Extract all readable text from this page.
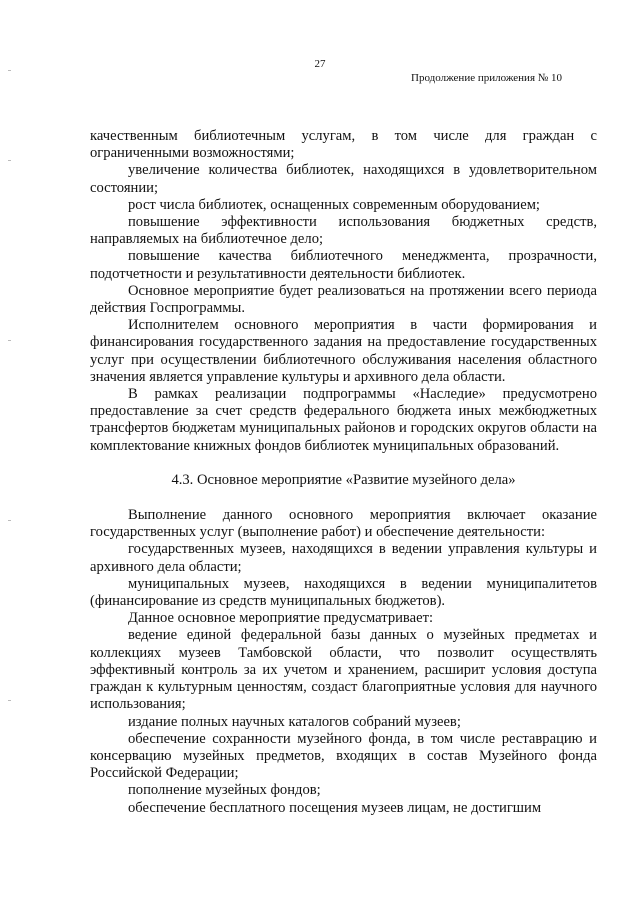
27
Продолжение приложения № 10

качественным библиотечным услугам, в том числе для граждан с ограниченными возможностями;

увеличение количества библиотек, находящихся в удовлетворительном состоянии;

рост числа библиотек, оснащенных современным оборудованием;

повышение эффективности использования бюджетных средств, направляемых на библиотечное дело;

повышение качества библиотечного менеджмента, прозрачности, подотчетности и результативности деятельности библиотек.

Основное мероприятие будет реализоваться на протяжении всего периода действия Госпрограммы.

Исполнителем основного мероприятия в части формирования и финансирования государственного задания на предоставление государственных услуг при осуществлении библиотечного обслуживания населения областного значения является управление культуры и архивного дела области.

В рамках реализации подпрограммы «Наследие» предусмотрено предоставление за счет средств федерального бюджета иных межбюджетных трансфертов бюджетам муниципальных районов и городских округов области на комплектование книжных фондов библиотек муниципальных образований.

4.3. Основное мероприятие «Развитие музейного дела»

Выполнение данного основного мероприятия включает оказание государственных услуг (выполнение работ) и обеспечение деятельности:

государственных музеев, находящихся в ведении управления культуры и архивного дела области;

муниципальных музеев, находящихся в ведении муниципалитетов (финансирование из средств муниципальных бюджетов).

Данное основное мероприятие предусматривает:

ведение единой федеральной базы данных о музейных предметах и коллекциях музеев Тамбовской области, что позволит осуществлять эффективный контроль за их учетом и хранением, расширит условия доступа граждан к культурным ценностям, создаст благоприятные условия для научного использования;

издание полных научных каталогов собраний музеев;

обеспечение сохранности музейного фонда, в том числе реставрацию и консервацию музейных предметов, входящих в состав Музейного фонда Российской Федерации;

пополнение музейных фондов;

обеспечение бесплатного посещения музеев лицам, не достигшим
